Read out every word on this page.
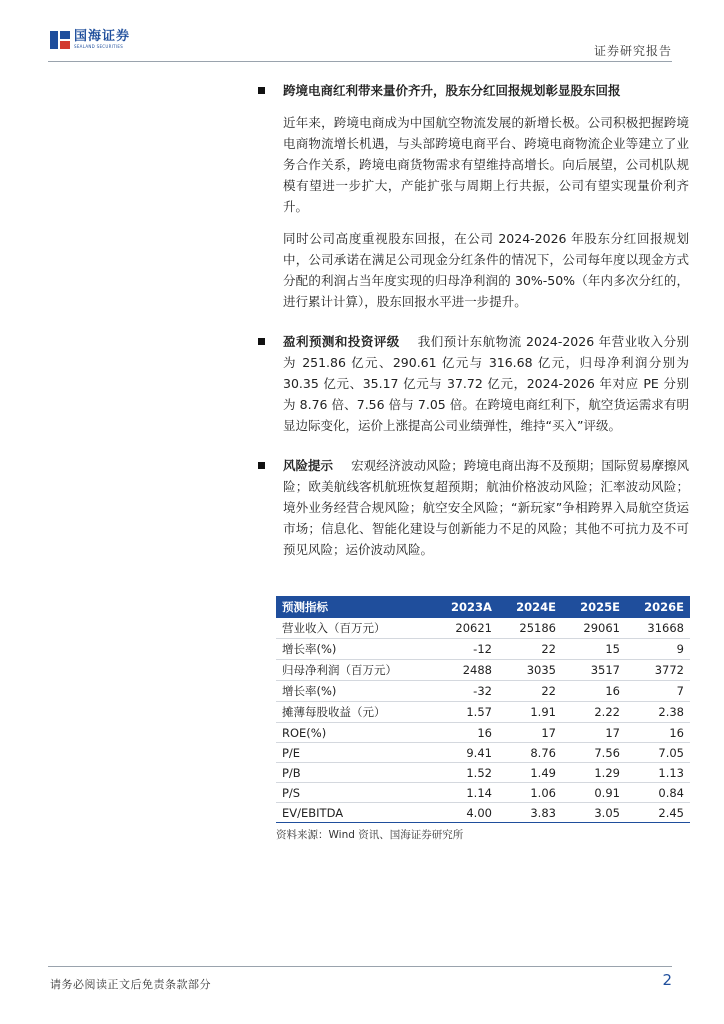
国海证券
SEALAND SECURITIES	证券研究报告
跨境电商红利带来量价齐升，股东分红回报规划彰显股东回报

近年来，跨境电商成为中国航空物流发展的新增长极。公司积极把握跨境电商物流增长机遇，与头部跨境电商平台、跨境电商物流企业等建立了业务合作关系，跨境电商货物需求有望维持高增长。向后展望，公司机队规模有望进一步扩大，产能扩张与周期上行共振，公司有望实现量价利齐升。

同时公司高度重视股东回报，在公司 2024-2026 年股东分红回报规划中，公司承诺在满足公司现金分红条件的情况下，公司每年度以现金方式分配的利润占当年度实现的归母净利润的 30%-50%（年内多次分红的，进行累计计算），股东回报水平进一步提升。

盈利预测和投资评级 我们预计东航物流 2024-2026 年营业收入分别为 251.86 亿元、290.61 亿元与 316.68 亿元，归母净利润分别为 30.35 亿元、35.17 亿元与 37.72 亿元，2024-2026 年对应 PE 分别为 8.76 倍、7.56 倍与 7.05 倍。在跨境电商红利下，航空货运需求有明显边际变化，运价上涨提高公司业绩弹性，维持“买入”评级。

风险提示 宏观经济波动风险；跨境电商出海不及预期；国际贸易摩擦风险；欧美航线客机航班恢复超预期；航油价格波动风险；汇率波动风险；境外业务经营合规风险；航空安全风险；“新玩家”争相跨界入局航空货运市场；信息化、智能化建设与创新能力不足的风险；其他不可抗力及不可预见风险；运价波动风险。

预测指标	2023A	2024E	2025E	2026E
营业收入（百万元）	20621	25186	29061	31668
增长率(%)	-12	22	15	9
归母净利润（百万元）	2488	3035	3517	3772
增长率(%)	-32	22	16	7
摊薄每股收益（元）	1.57	1.91	2.22	2.38
ROE(%)	16	17	17	16
P/E	9.41	8.76	7.56	7.05
P/B	1.52	1.49	1.29	1.13
P/S	1.14	1.06	0.91	0.84
EV/EBITDA	4.00	3.83	3.05	2.45
资料来源：Wind 资讯、国海证券研究所
请务必阅读正文后免责条款部分	2
